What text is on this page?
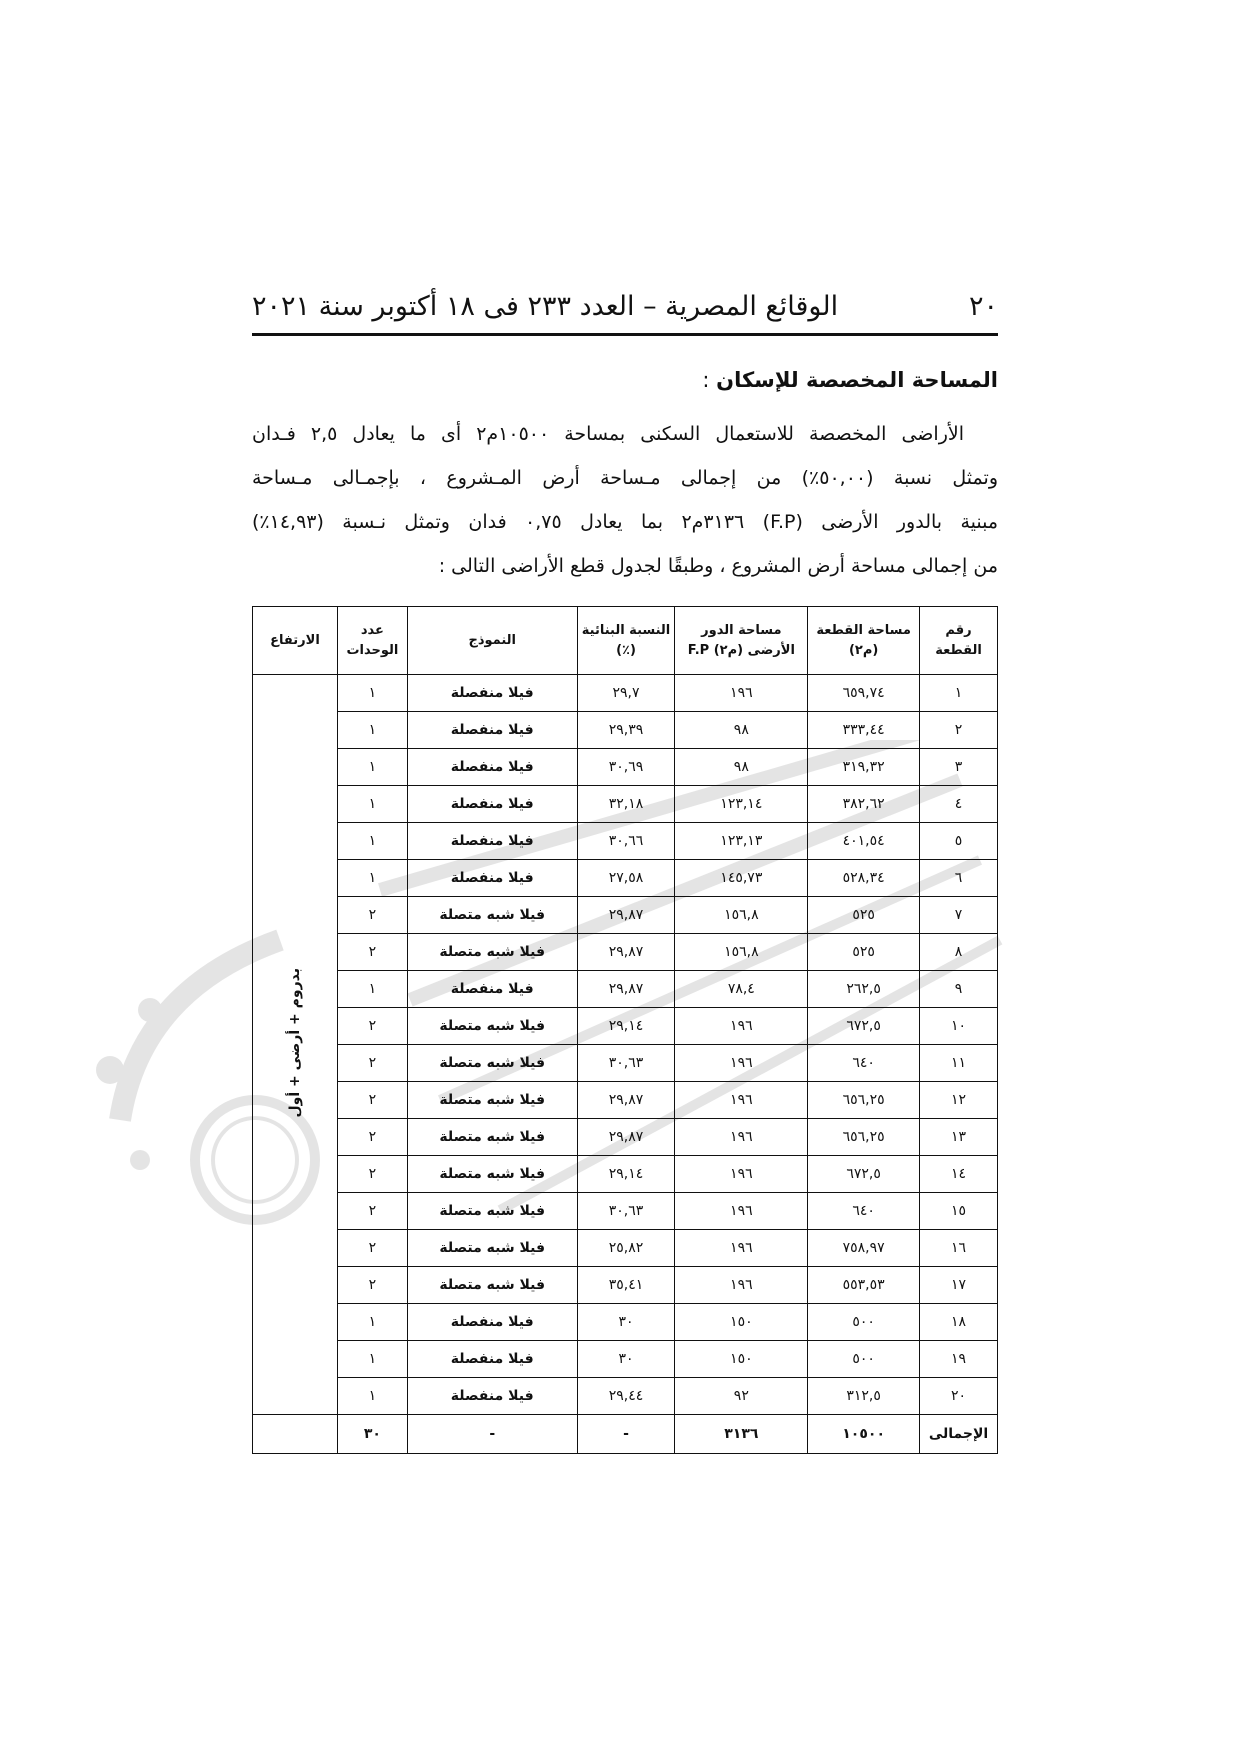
٢٠
الوقائع المصرية – العدد ٢٣٣ فى ١٨ أكتوبر سنة ٢٠٢١
المساحة المخصصة للإسكان :
الأراضى المخصصة للاستعمال السكنى بمساحة ١٠٥٠٠م٢ أى ما يعادل ٢,٥ فـدان
وتمثل نسبة (٥٠,٠٠٪) من إجمالى مـساحة أرض المـشروع ، بإجمـالى مـساحة
مبنية بالدور الأرضى (F.P) ٣١٣٦م٢ بما يعادل ٠,٧٥ فدان وتمثل نـسبة (١٤,٩٣٪)
من إجمالى مساحة أرض المشروع ، وطبقًا لجدول قطع الأراضى التالى :
رقم القطعة	مساحة القطعة (م٢)	مساحة الدور الأرضى (م٢) F.P	النسبة البنائية (٪)	النموذج	عدد الوحدات	الارتفاع
١	٦٥٩,٧٤	١٩٦	٢٩,٧	فيلا منفصلة	١	بدروم + أرضى + أول
٢	٣٣٣,٤٤	٩٨	٢٩,٣٩	فيلا منفصلة	١	
٣	٣١٩,٣٢	٩٨	٣٠,٦٩	فيلا منفصلة	١	
٤	٣٨٢,٦٢	١٢٣,١٤	٣٢,١٨	فيلا منفصلة	١	
٥	٤٠١,٥٤	١٢٣,١٣	٣٠,٦٦	فيلا منفصلة	١	
٦	٥٢٨,٣٤	١٤٥,٧٣	٢٧,٥٨	فيلا منفصلة	١	
٧	٥٢٥	١٥٦,٨	٢٩,٨٧	فيلا شبه متصلة	٢	
٨	٥٢٥	١٥٦,٨	٢٩,٨٧	فيلا شبه متصلة	٢	
٩	٢٦٢,٥	٧٨,٤	٢٩,٨٧	فيلا منفصلة	١	
١٠	٦٧٢,٥	١٩٦	٢٩,١٤	فيلا شبه متصلة	٢	
١١	٦٤٠	١٩٦	٣٠,٦٣	فيلا شبه متصلة	٢	
١٢	٦٥٦,٢٥	١٩٦	٢٩,٨٧	فيلا شبه متصلة	٢	
١٣	٦٥٦,٢٥	١٩٦	٢٩,٨٧	فيلا شبه متصلة	٢	
١٤	٦٧٢,٥	١٩٦	٢٩,١٤	فيلا شبه متصلة	٢	
١٥	٦٤٠	١٩٦	٣٠,٦٣	فيلا شبه متصلة	٢	
١٦	٧٥٨,٩٧	١٩٦	٢٥,٨٢	فيلا شبه متصلة	٢	
١٧	٥٥٣,٥٣	١٩٦	٣٥,٤١	فيلا شبه متصلة	٢	
١٨	٥٠٠	١٥٠	٣٠	فيلا منفصلة	١	
١٩	٥٠٠	١٥٠	٣٠	فيلا منفصلة	١	
٢٠	٣١٢,٥	٩٢	٢٩,٤٤	فيلا منفصلة	١	
الإجمالى	١٠٥٠٠	٣١٣٦	-	-	٣٠	
